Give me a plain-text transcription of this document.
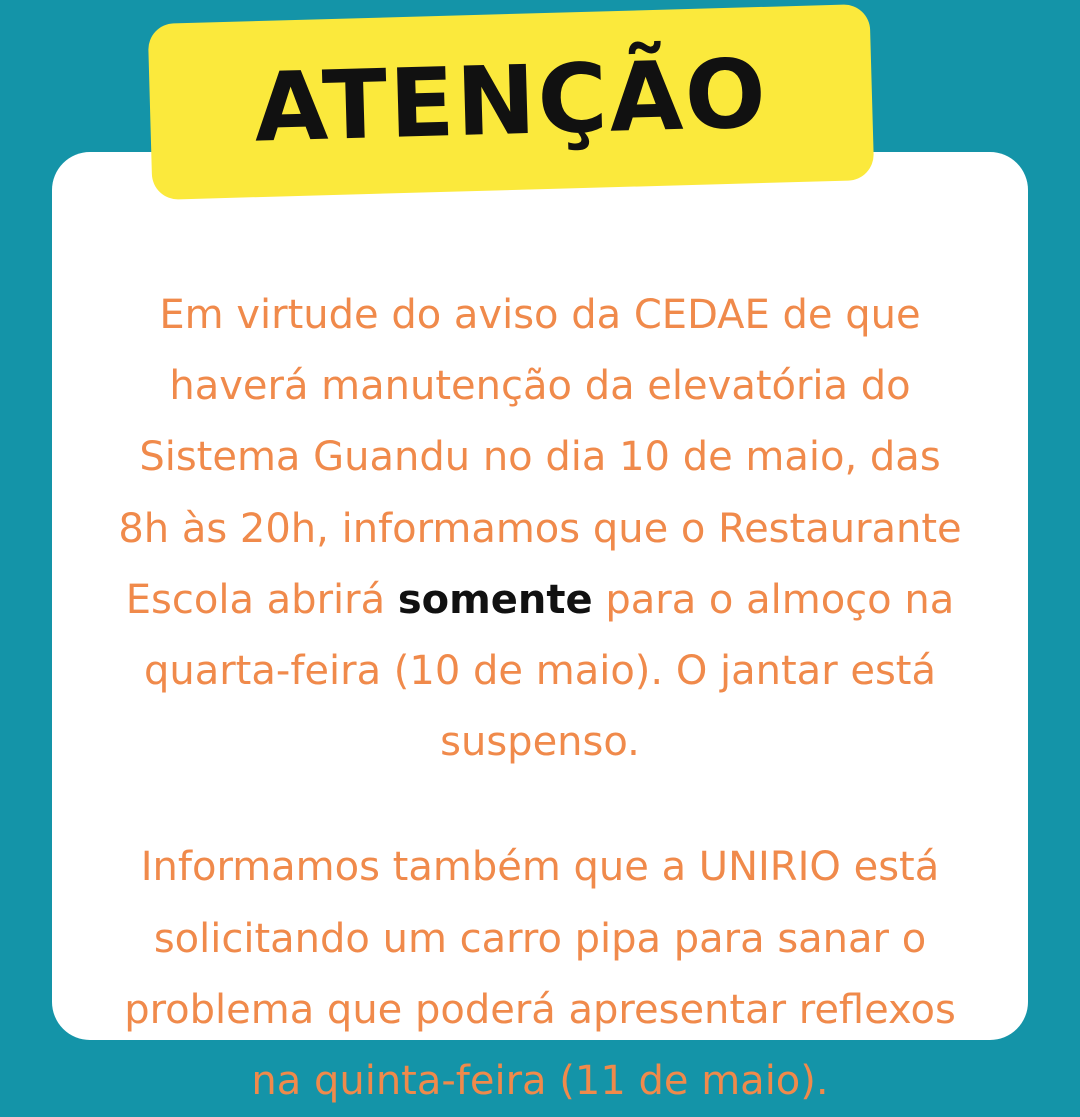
Em virtude do aviso da CEDAE de que haverá manutenção da elevatória do Sistema Guandu no dia 10 de maio, das 8h às 20h, informamos que o Restaurante Escola abrirá somente para o almoço na quarta-feira (10 de maio). O jantar está suspenso.
Informamos também que a UNIRIO está solicitando um carro pipa para sanar o problema que poderá apresentar reflexos na quinta-feira (11 de maio).
ATENÇÃO
